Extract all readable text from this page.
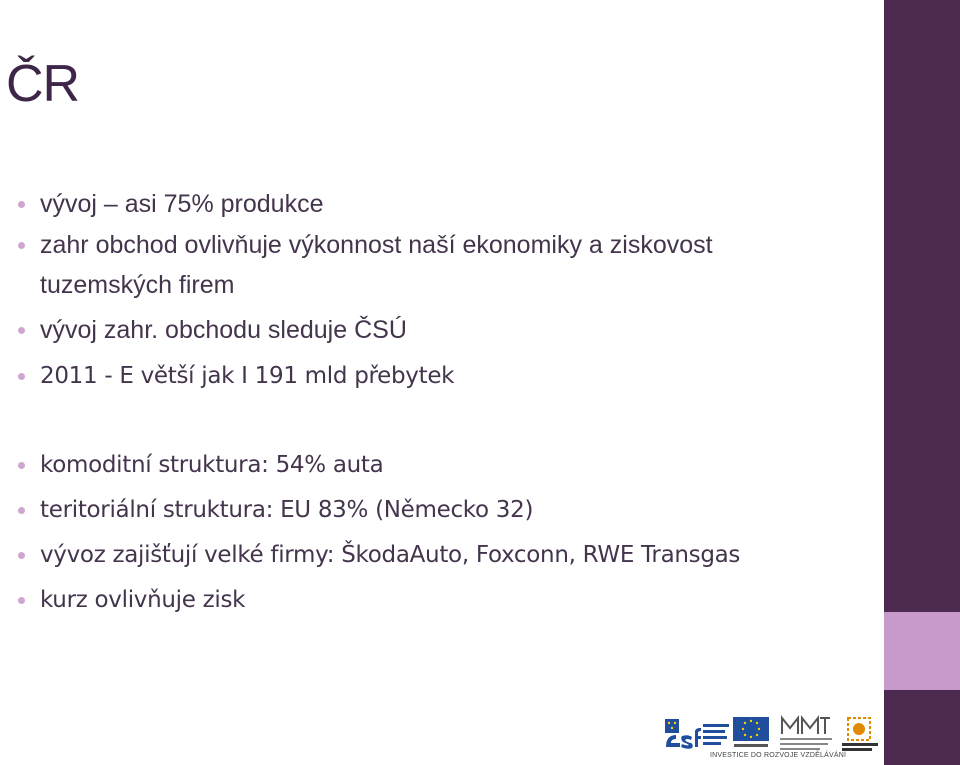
ČR
vývoj – asi 75% produkce
zahr obchod ovlivňuje výkonnost naší ekonomiky a ziskovost
tuzemských firem
vývoj zahr. obchodu sleduje ČSÚ
2011 - E větší jak I 191 mld přebytek
komoditní struktura: 54% auta
teritoriální struktura: EU 83% (Německo 32)
vývoz zajišťují velké firmy: ŠkodaAuto, Foxconn, RWE Transgas
kurz ovlivňuje zisk
INVESTICE DO ROZVOJE VZDĚLÁVÁNÍ
